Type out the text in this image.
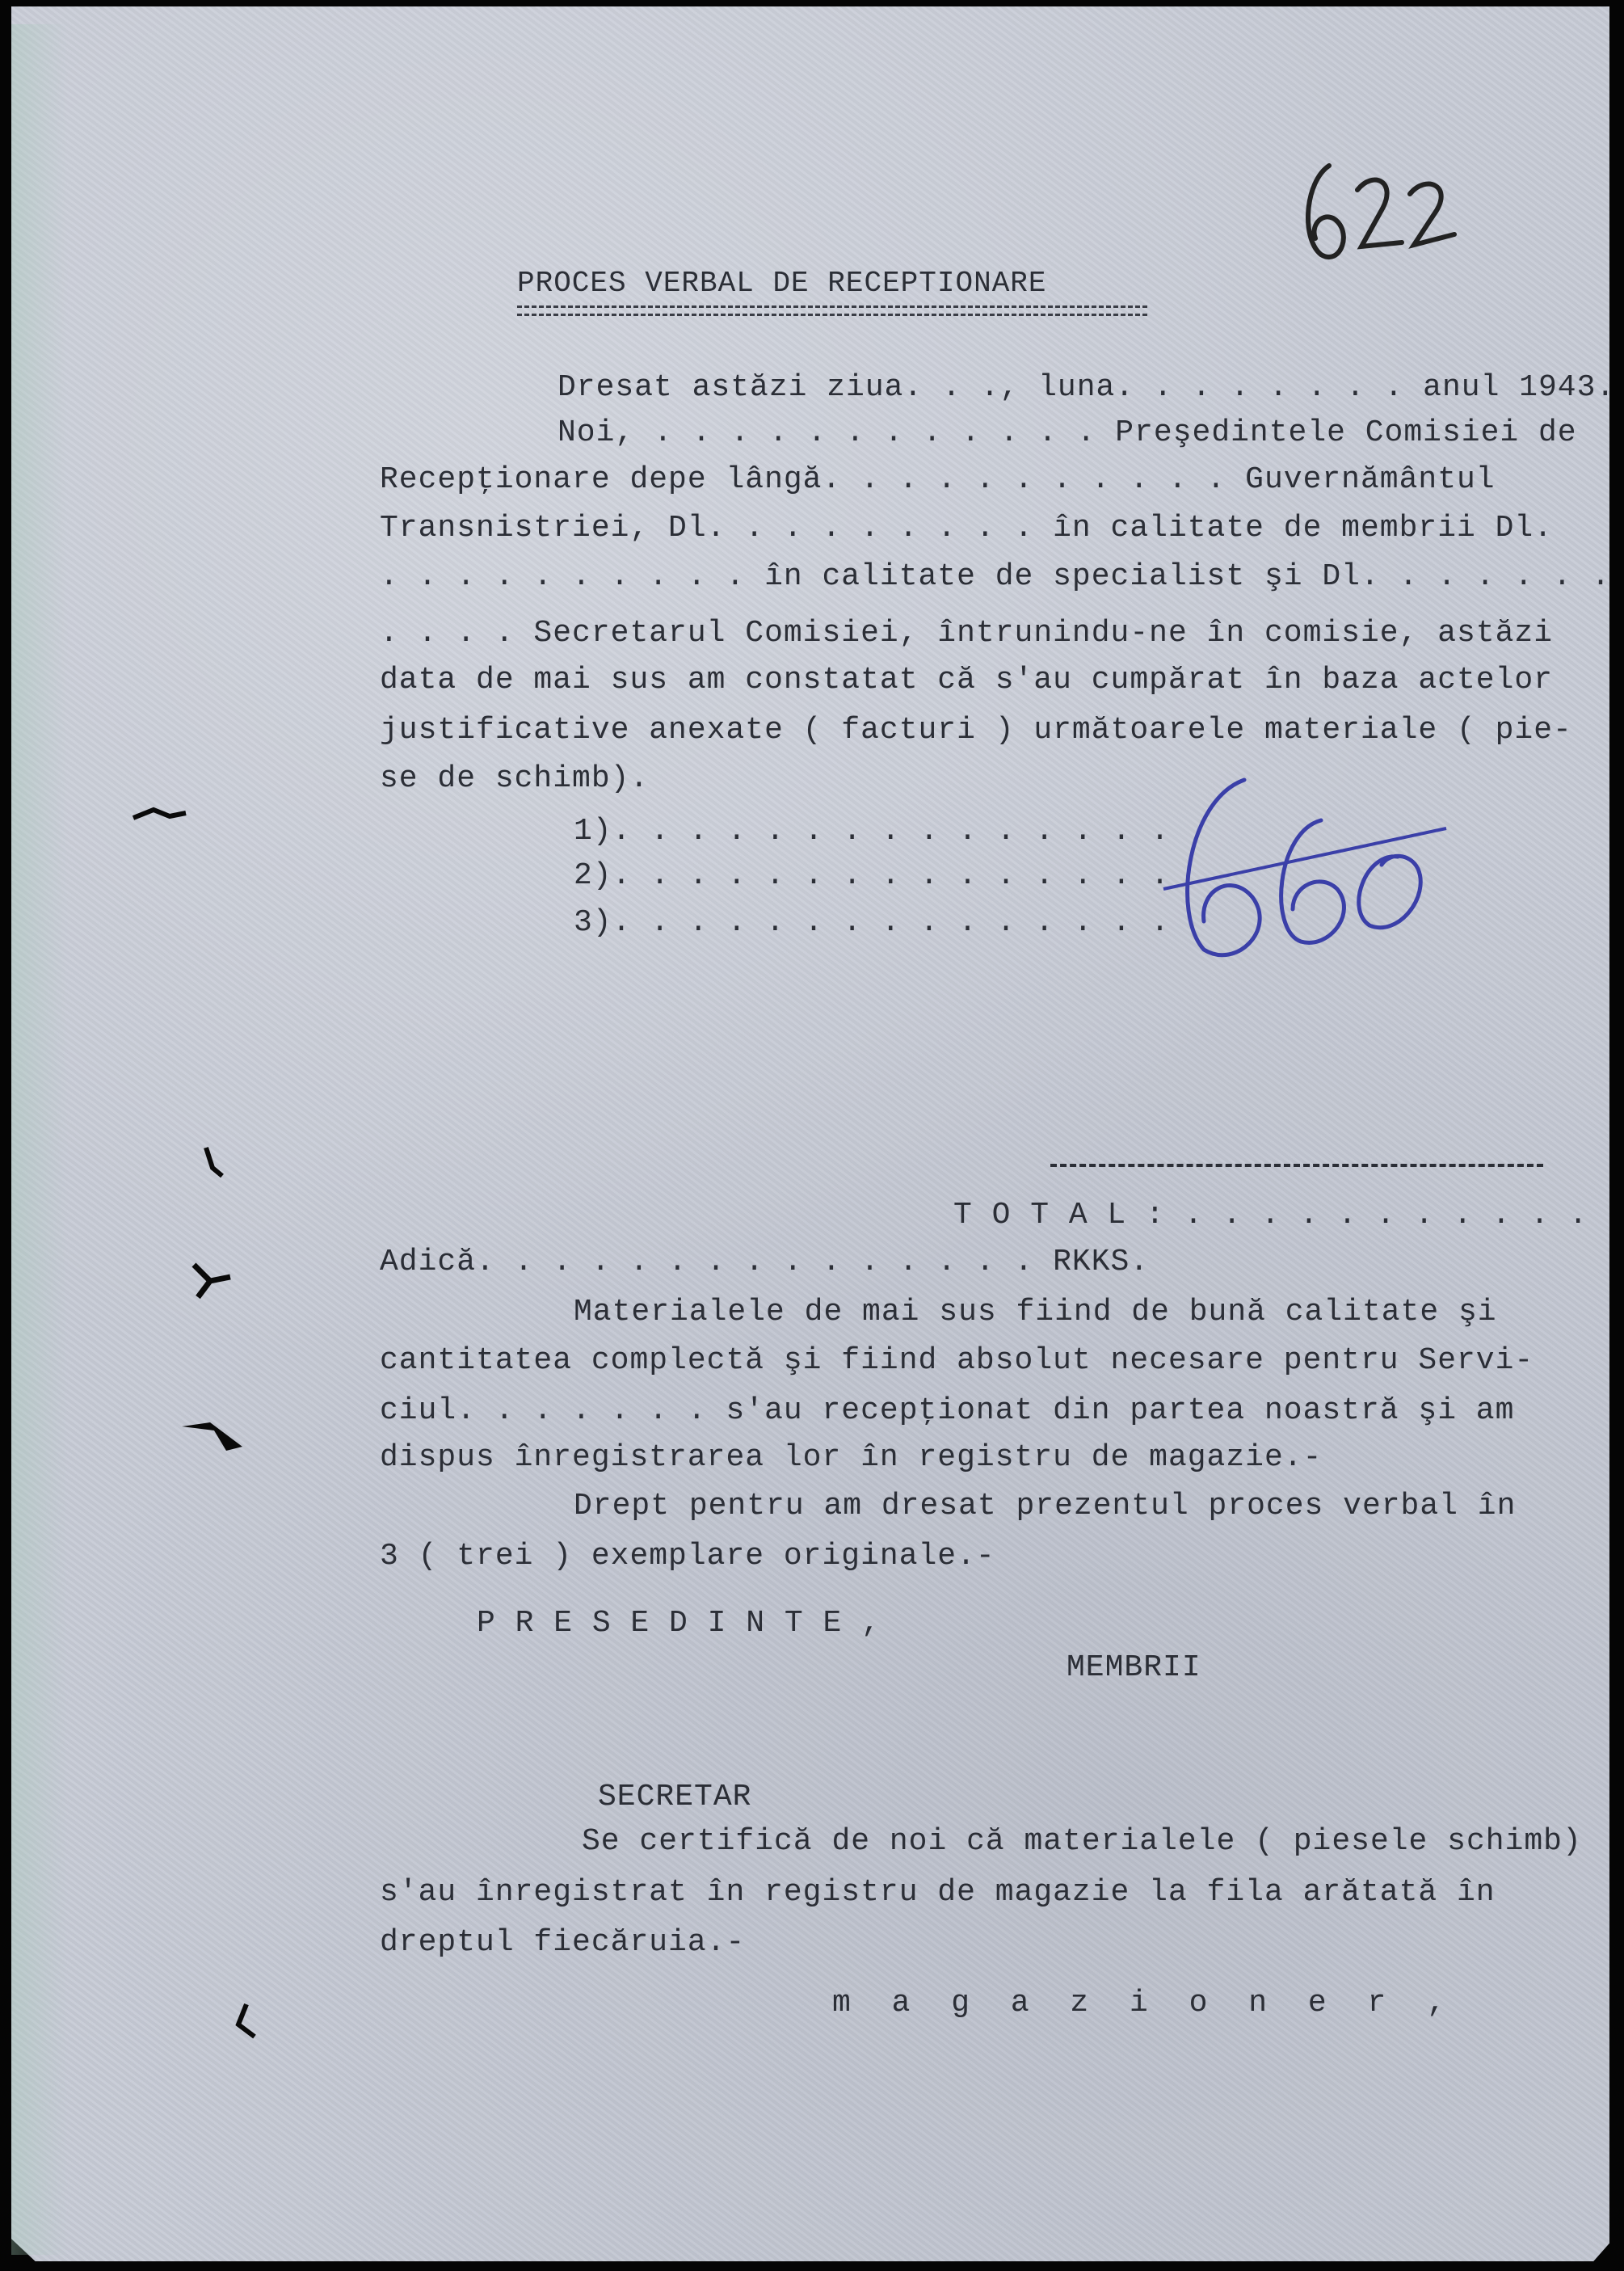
PROCES VERBAL DE RECEPTIONARE
Dresat astăzi ziua. . ., luna. . . . . . . . anul 1943.
Noi, . . . . . . . . . . . . Preşedintele Comisiei de
Recepţionare depe lângă. . . . . . . . . . . Guvernământul
Transnistriei, Dl. . . . . . . . . în calitate de membrii Dl.
. . . . . . . . . . în calitate de specialist şi Dl. . . . . . .
. . . . Secretarul Comisiei, întrunindu-ne în comisie, astăzi
data de mai sus am constatat că s'au cumpărat în baza actelor
justificative anexate ( facturi ) următoarele materiale ( pie-
se de schimb).
1). . . . . . . . . . . . . . .
2). . . . . . . . . . . . . . .
3). . . . . . . . . . . . . . .
T O T A L : . . . . . . . . . . .
Adică. . . . . . . . . . . . . . . RKKS.
Materialele de mai sus fiind de bună calitate şi
cantitatea complectă şi fiind absolut necesare pentru Servi-
ciul. . . . . . . s'au recepţionat din partea noastră şi am
dispus înregistrarea lor în registru de magazie.-
Drept pentru am dresat prezentul proces verbal în
3 ( trei ) exemplare originale.-
P R E S E D I N T E ,
MEMBRII
SECRETAR
Se certifică de noi că materialele ( piesele schimb)
s'au înregistrat în registru de magazie la fila arătată în
dreptul fiecăruia.-
m a g a z i o n e r ,
